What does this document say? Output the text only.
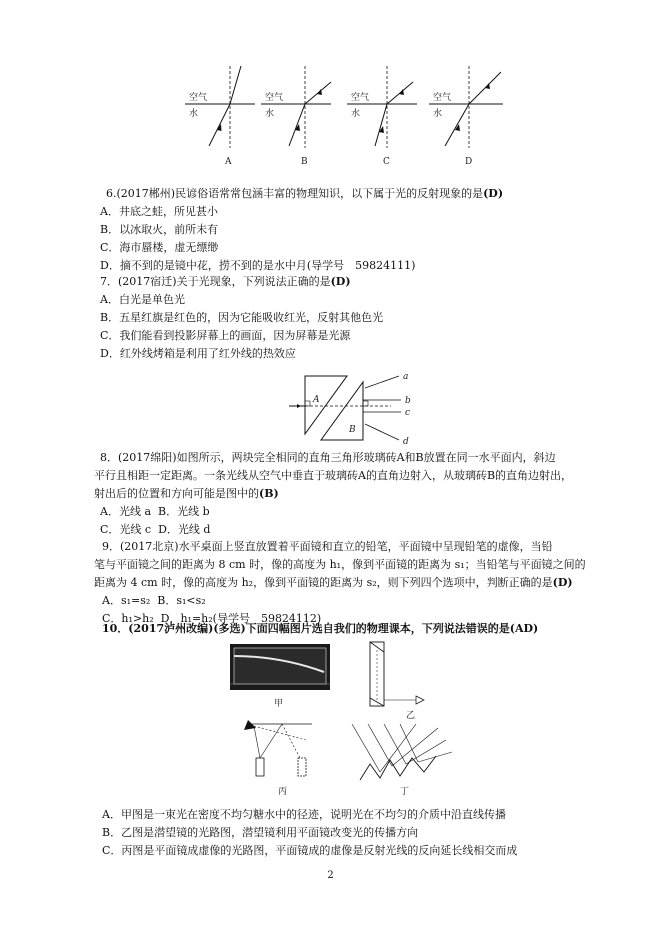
空气
水
A
空气
水
B
空气
水
C
空气
水
D
6.(2017郴州)民谚俗语常常包涵丰富的物理知识，以下属于光的反射现象的是(D)
A．井底之蛙，所见甚小
B．以冰取火，前所未有
C．海市蜃楼，虚无缥缈
D．摘不到的是镜中花，捞不到的是水中月(导学号　59824111)
7．(2017宿迁)关于光现象，下列说法正确的是(D)
A．白光是单色光
B．五星红旗是红色的，因为它能吸收红光，反射其他色光
C．我们能看到投影屏幕上的画面，因为屏幕是光源
D．红外线烤箱是利用了红外线的热效应
A
B
a
b
c
d
8．(2017绵阳)如图所示，两块完全相同的直角三角形玻璃砖A和B放置在同一水平面内，斜边
平行且相距一定距离。一条光线从空气中垂直于玻璃砖A的直角边射入，从玻璃砖B的直角边射出，
射出后的位置和方向可能是图中的(B)
A．光线 a B．光线 b
C．光线 c D．光线 d
9．(2017北京)水平桌面上竖直放置着平面镜和直立的铅笔，平面镜中呈现铅笔的虚像，当铅
笔与平面镜之间的距离为 8 cm 时，像的高度为 h₁，像到平面镜的距离为 s₁；当铅笔与平面镜之间的
距离为 4 cm 时，像的高度为 h₂，像到平面镜的距离为 s₂，则下列四个选项中，判断正确的是(D)
A．s₁=s₂ B．s₁<s₂
C．h₁>h₂ D．h₁=h₂(导学号　59824112)
10．(2017泸州改编)(多选)下面四幅图片选自我们的物理课本，下列说法错误的是(AD)
甲
乙
丙	丁
A．甲图是一束光在密度不均匀糖水中的径迹，说明光在不均匀的介质中沿直线传播
B．乙图是潜望镜的光路图，潜望镜利用平面镜改变光的传播方向
C．丙图是平面镜成虚像的光路图，平面镜成的虚像是反射光线的反向延长线相交而成
2
